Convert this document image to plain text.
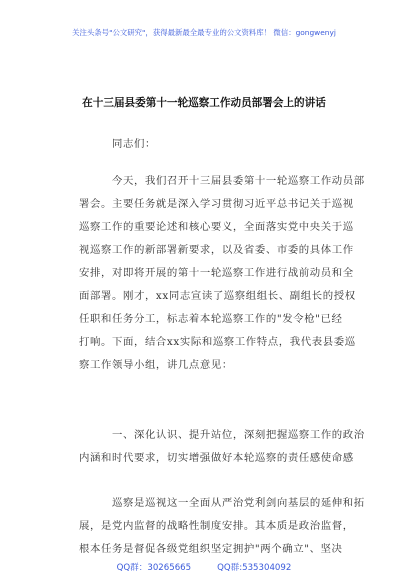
关注头条号"公文研究"，获得最新最全最专业的公文资料库！ 微信：gongwenyj
在十三届县委第十一轮巡察工作动员部署会上的讲话
同志们：
今天，我们召开十三届县委第十一轮巡察工作动员部
署会。主要任务就是深入学习贯彻习近平总书记关于巡视
巡察工作的重要论述和核心要义，全面落实党中央关于巡
视巡察工作的新部署新要求，以及省委、市委的具体工作
安排，对即将开展的第十一轮巡察工作进行战前动员和全
面部署。刚才，xx同志宣读了巡察组组长、副组长的授权
任职和任务分工，标志着本轮巡察工作的"发令枪"已经
打响。下面，结合xx实际和巡察工作特点，我代表县委巡
察工作领导小组，讲几点意见：
一、深化认识、提升站位，深刻把握巡察工作的政治
内涵和时代要求，切实增强做好本轮巡察的责任感使命感
巡察是巡视这一全面从严治党利剑向基层的延伸和拓
展，是党内监督的战略性制度安排。其本质是政治监督，
根本任务是督促各级党组织坚定拥护"两个确立"、坚决
QQ群：30265665	QQ群:535304092
